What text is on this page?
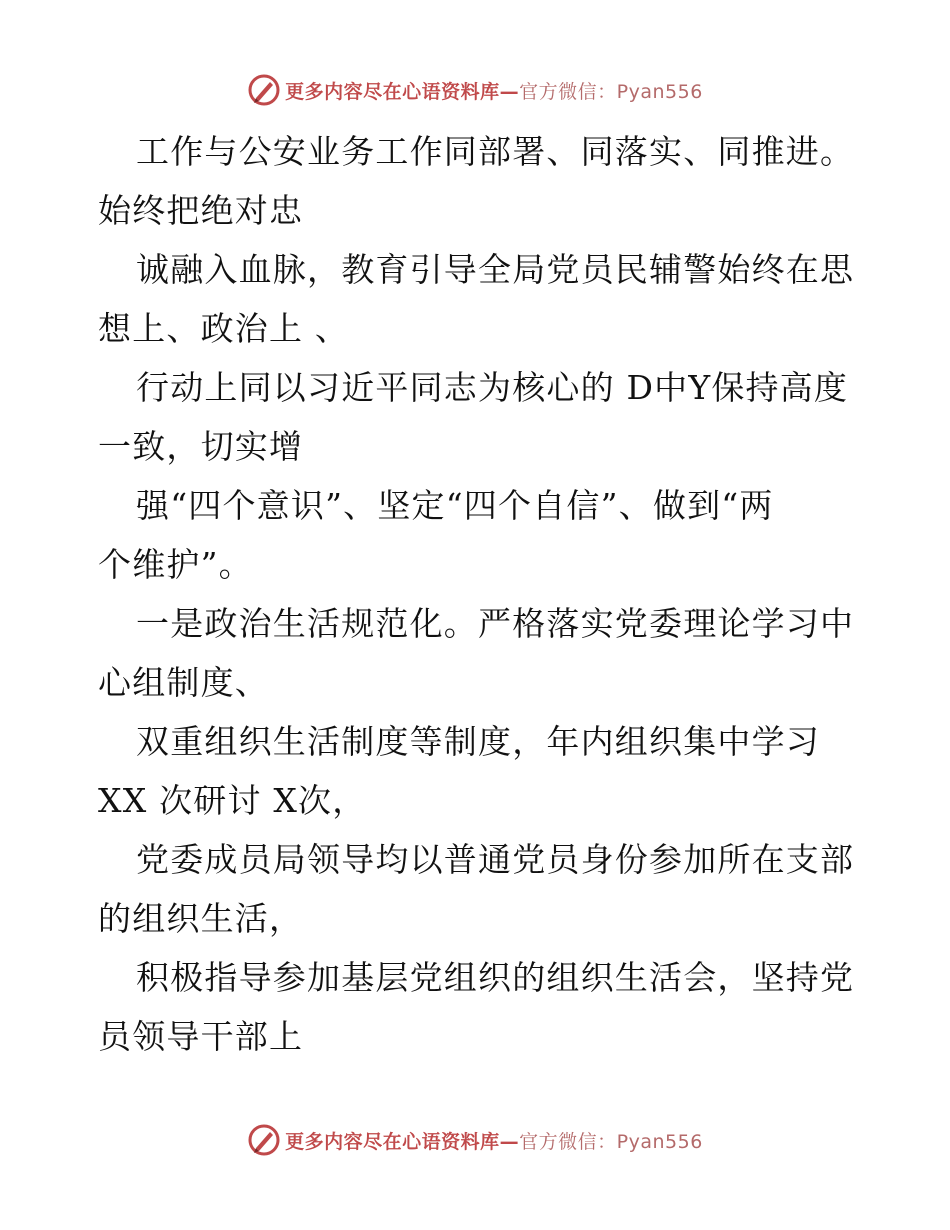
更多内容尽在心语资料库—官方微信：Pyan556

工作与公安业务工作同部署、同落实、同推进。
始终把绝对忠

诚融入血脉，教育引导全局党员民辅警始终在思
想上、政治上 、

行动上同以习近平同志为核心的 D中Y保持高度
一致，切实增

强“四个意识”、坚定“四个自信”、做到“两
个维护”。

一是政治生活规范化。严格落实党委理论学习中
心组制度、

双重组织生活制度等制度，年内组织集中学习
XX 次研讨 X次，

党委成员局领导均以普通党员身份参加所在支部
的组织生活，

积极指导参加基层党组织的组织生活会，坚持党
员领导干部上

更多内容尽在心语资料库—官方微信：Pyan556
